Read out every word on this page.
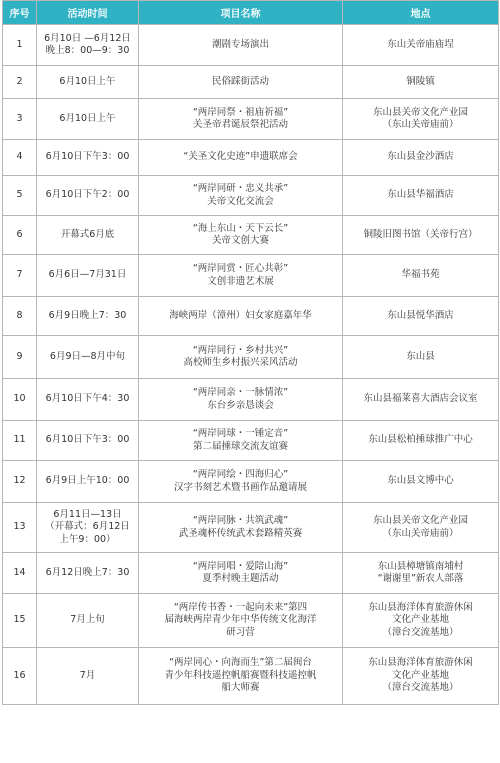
序号	活动时间	项目名称	地点
1	6月10日 —6月12日
晚上8：00—9：30	潮剧专场演出	东山关帝庙庙埕
2	6月10日上午	民俗踩街活动	铜陵镇
3	6月10日上午	“两岸同祭・祖庙祈福”
关圣帝君诞辰祭祀活动	东山县关帝文化产业园
（东山关帝庙前）
4	6月10日下午3：00	“关圣文化史迹”申遗联席会	东山县金沙酒店
5	6月10日下午2：00	“两岸同研・忠义共承”
关帝文化交流会	东山县华福酒店
6	开幕式6月底	“海上东山・天下云长”
关帝文创大赛	铜陵旧图书馆（关帝行宫）
7	6月6日—7月31日	“两岸同赏・匠心共彰”
文创非遗艺术展	华福书苑
8	6月9日晚上7：30	海峡两岸（漳州）妇女家庭嘉年华	东山县悦华酒店
9	6月9日—8月中旬	“两岸同行・乡村共兴”
高校师生乡村振兴采风活动	东山县
10	6月10日下午4：30	“两岸同亲・一脉情浓”
东台乡亲恳谈会	东山县福莱喜大酒店会议室
11	6月10日下午3：00	“两岸同球・一锤定音”
第二届捶球交流友谊赛	东山县松柏捶球推广中心
12	6月9日上午10：00	“两岸同绘・四海归心”
汉字书刻艺术暨书画作品邀请展	东山县文博中心
13	6月11日—13日
（开幕式：6月12日
上午9：00）	“两岸同脉・共筑武魂”
武圣魂杯传统武术套路精英赛	东山县关帝文化产业园
（东山关帝庙前）
14	6月12日晚上7：30	“两岸同唱・爱陪山海”
夏季村晚主题活动	东山县樟塘镇南埔村
“谢谢里”新农人部落
15	7月上旬	“两岸传书香・一起向未来”第四
届海峡两岸青少年中华传统文化海洋
研习营	东山县海洋体育旅游休闲
文化产业基地
（漳台交流基地）
16	7月	“两岸同心・向海而生”第二届闽台
青少年科技遥控帆船赛暨科技遥控帆
船大师赛	东山县海洋体育旅游休闲
文化产业基地
（漳台交流基地）
